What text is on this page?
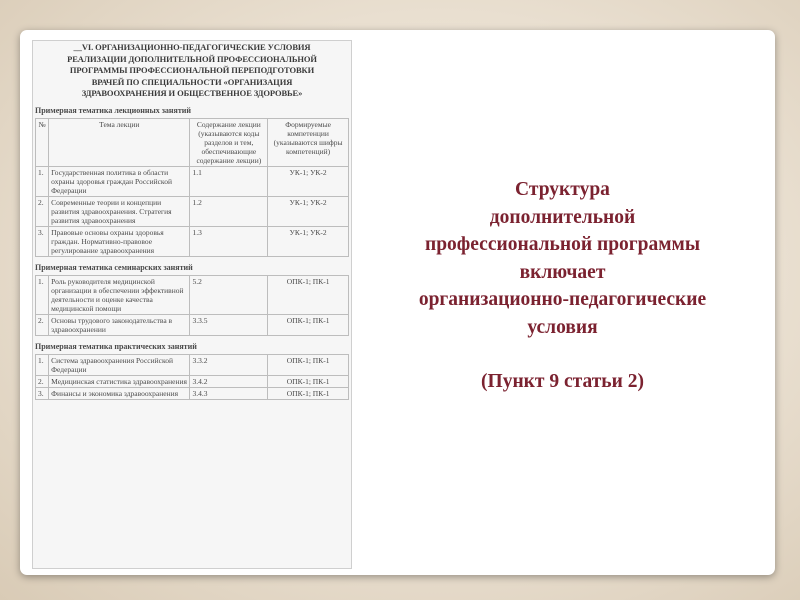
__VI. ОРГАНИЗАЦИОННО-ПЕДАГОГИЧЕСКИЕ УСЛОВИЯ
РЕАЛИЗАЦИИ ДОПОЛНИТЕЛЬНОЙ ПРОФЕССИОНАЛЬНОЙ
ПРОГРАММЫ ПРОФЕССИОНАЛЬНОЙ ПЕРЕПОДГОТОВКИ
ВРАЧЕЙ ПО СПЕЦИАЛЬНОСТИ «ОРГАНИЗАЦИЯ
ЗДРАВООХРАНЕНИЯ И ОБЩЕСТВЕННОЕ ЗДОРОВЬЕ»
Примерная тематика лекционных занятий
№	Тема лекции	Содержание лекции (указываются коды разделов и тем, обеспечивающие содержание лекции)	Формируемые компетенции (указываются шифры компетенций)
1.	Государственная политика в области охраны здоровья граждан Российской Федерации	1.1	УК-1; УК-2
2.	Современные теории и концепции развития здравоохранения. Стратегия развития здравоохранения	1.2	УК-1; УК-2
3.	Правовые основы охраны здоровья граждан. Нормативно-правовое регулирование здравоохранения	1.3	УК-1; УК-2
Примерная тематика семинарских занятий
1.	Роль руководителя медицинской организации в обеспечении эффективной деятельности и оценке качества медицинской помощи	5.2	ОПК-1; ПК-1
2.	Основы трудового законодательства в здравоохранении	3.3.5	ОПК-1; ПК-1
Примерная тематика практических занятий
1.	Система здравоохранения Российской Федерации	3.3.2	ОПК-1; ПК-1
2.	Медицинская статистика здравоохранения	3.4.2	ОПК-1; ПК-1
3.	Финансы и экономика здравоохранения	3.4.3	ОПК-1; ПК-1
Структура
дополнительной
профессиональной программы
включает
организационно-педагогические
условия
(Пункт 9 статьи 2)
